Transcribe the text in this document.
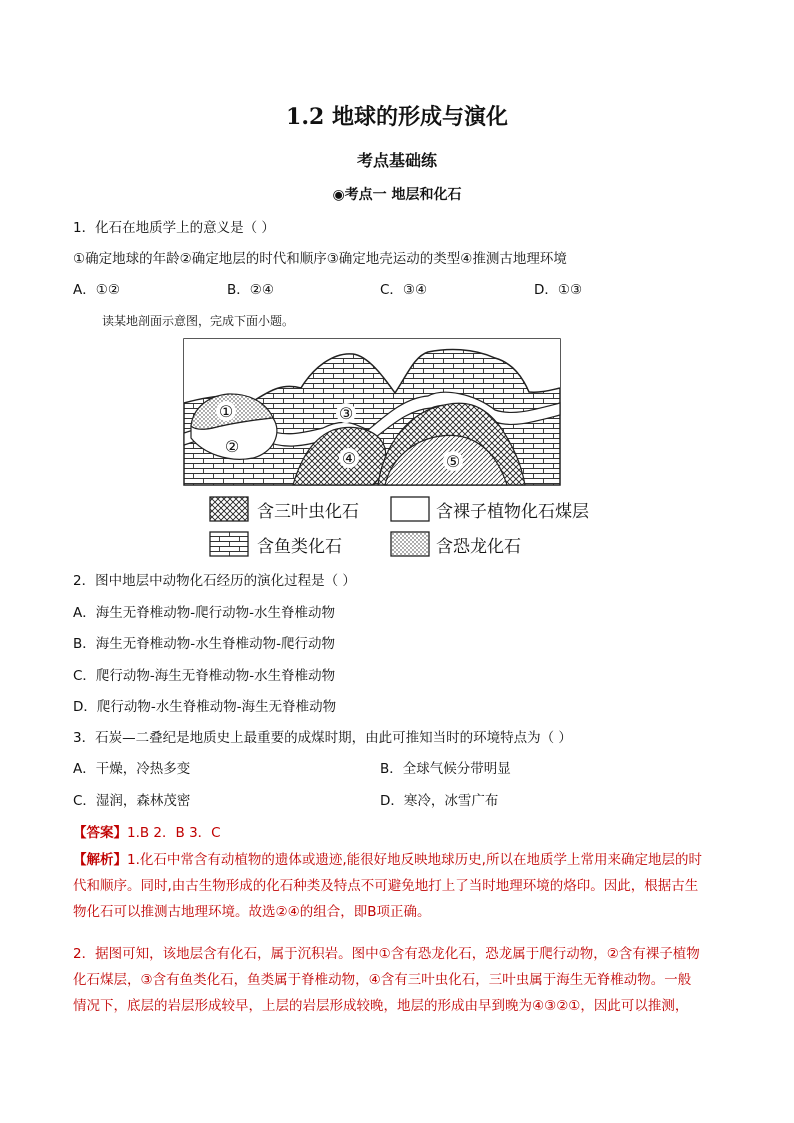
1.2 地球的形成与演化
考点基础练
◉考点一 地层和化石
1．化石在地质学上的意义是（ ）
①确定地球的年龄②确定地层的时代和顺序③确定地壳运动的类型④推测古地理环境
A．①②	B．②④	C．③④	D．①③
读某地剖面示意图，完成下面小题。
①
②
③
④	⑤
含三叶虫化石	含裸子植物化石煤层
含鱼类化石	含恐龙化石
2．图中地层中动物化石经历的演化过程是（ ）
A．海生无脊椎动物-爬行动物-水生脊椎动物
B．海生无脊椎动物-水生脊椎动物-爬行动物
C．爬行动物-海生无脊椎动物-水生脊椎动物
D．爬行动物-水生脊椎动物-海生无脊椎动物
3．石炭—二叠纪是地质史上最重要的成煤时期，由此可推知当时的环境特点为（ ）
A．干燥，冷热多变	B．全球气候分带明显
C．湿润，森林茂密	D．寒冷，冰雪广布
【答案】1.B 2．B 3．C
【解析】1.化石中常含有动植物的遗体或遗迹,能很好地反映地球历史,所以在地质学上常用来确定地层的时
代和顺序。同时,由古生物形成的化石种类及特点不可避免地打上了当时地理环境的烙印。因此，根据古生
物化石可以推测古地理环境。故选②④的组合，即B项正确。
2．据图可知，该地层含有化石，属于沉积岩。图中①含有恐龙化石，恐龙属于爬行动物，②含有裸子植物
化石煤层，③含有鱼类化石，鱼类属于脊椎动物，④含有三叶虫化石，三叶虫属于海生无脊椎动物。一般
情况下，底层的岩层形成较早，上层的岩层形成较晚，地层的形成由早到晚为④③②①，因此可以推测，
